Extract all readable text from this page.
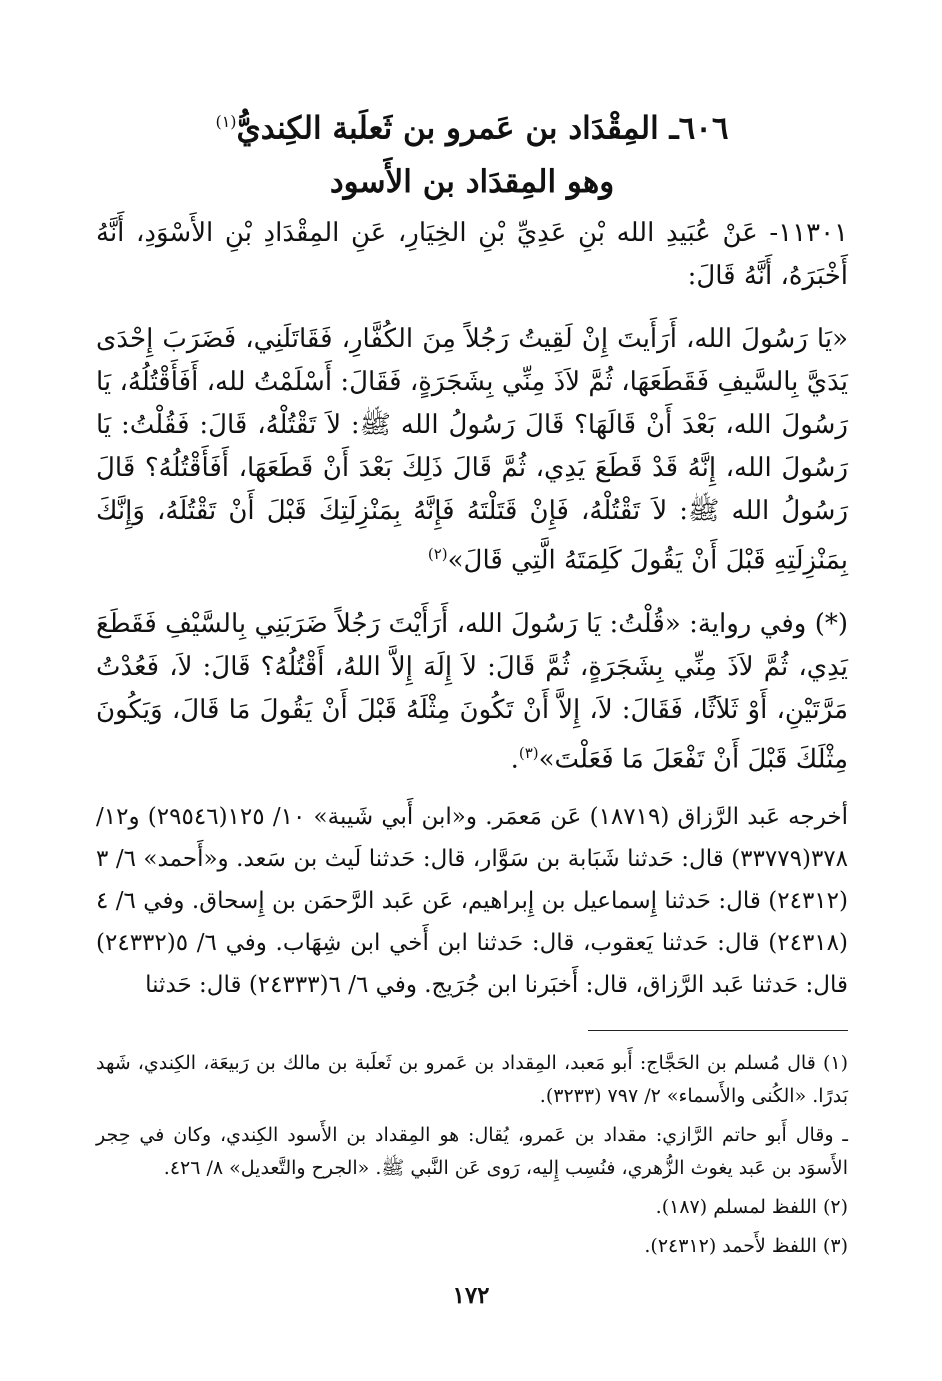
٦٠٦ـ المِقْدَاد بن عَمرو بن ثَعلَبة الكِنديُّ$^{(١)}$
وهو المِقدَاد بن الأَسود

١١٣٠١- عَنْ عُبَيدِ الله بْنِ عَدِيِّ بْنِ الخِيَارِ، عَنِ المِقْدَادِ بْنِ الأَسْوَدِ، أَنَّهُ أَخْبَرَهُ، أَنَّهُ قَالَ:

«يَا رَسُولَ الله، أَرَأَيتَ إِنْ لَقِيتُ رَجُلاً مِنَ الكُفَّارِ، فَقَاتَلَنِي، فَضَرَبَ إِحْدَى يَدَيَّ بِالسَّيفِ فَقَطَعَهَا، ثُمَّ لاَذَ مِنِّي بِشَجَرَةٍ، فَقَالَ: أَسْلَمْتُ لله، أَفَأَقْتُلُهُ، يَا رَسُولَ الله، بَعْدَ أَنْ قَالَهَا؟ قَالَ رَسُولُ الله ﷺ: لاَ تَقْتُلْهُ، قَالَ: فَقُلْتُ: يَا رَسُولَ الله، إِنَّهُ قَدْ قَطَعَ يَدِي، ثُمَّ قَالَ ذَلِكَ بَعْدَ أَنْ قَطَعَهَا، أَفَأَقْتُلُهُ؟ قَالَ رَسُولُ الله ﷺ: لاَ تَقْتُلْهُ، فَإِنْ قَتَلْتَهُ فَإِنَّهُ بِمَنْزِلَتِكَ قَبْلَ أَنْ تَقْتُلَهُ، وَإِنَّكَ بِمَنْزِلَتِهِ قَبْلَ أَنْ يَقُولَ كَلِمَتَهُ الَّتِي قَالَ»$^{(٢)}$

(*) وفي رواية: «قُلْتُ: يَا رَسُولَ الله، أَرَأَيْتَ رَجُلاً ضَرَبَنِي بِالسَّيْفِ فَقَطَعَ يَدِي، ثُمَّ لاَذَ مِنِّي بِشَجَرَةٍ، ثُمَّ قَالَ: لاَ إِلَهَ إِلاَّ اللهُ، أَقْتُلُهُ؟ قَالَ: لاَ، فَعُدْتُ مَرَّتَيْنِ، أَوْ ثَلاَثًا، فَقَالَ: لاَ، إِلاَّ أَنْ تَكُونَ مِثْلَهُ قَبْلَ أَنْ يَقُولَ مَا قَالَ، وَيَكُونَ مِثْلَكَ قَبْلَ أَنْ تَفْعَلَ مَا فَعَلْتَ»$^{(٣)}$.

أخرجه عَبد الرَّزاق (١٨٧١٩) عَن مَعمَر. و«ابن أَبي شَيبة» ١٠/ ١٢٥(٢٩٥٤٦) و١٢/ ٣٧٨(٣٣٧٧٩) قال: حَدثنا شَبَابة بن سَوَّار، قال: حَدثنا لَيث بن سَعد. و«أَحمد» ٦/ ٣ (٢٤٣١٢) قال: حَدثنا إِسماعيل بن إِبراهيم، عَن عَبد الرَّحمَن بن إِسحاق. وفي ٦/ ٤ (٢٤٣١٨) قال: حَدثنا يَعقوب، قال: حَدثنا ابن أَخي ابن شِهَاب. وفي ٦/ ٥(٢٤٣٣٢) قال: حَدثنا عَبد الرَّزاق، قال: أَخبَرنا ابن جُرَيج. وفي ٦/ ٦(٢٤٣٣٣) قال: حَدثنا

(١) قال مُسلم بن الحَجَّاج: أَبو مَعبد، المِقداد بن عَمرو بن ثَعلَبة بن مالك بن رَبيعَة، الكِندي، شَهد بَدرًا. «الكُنى والأَسماء» ٢/ ٧٩٧ (٣٢٣٣).

ـ وقال أَبو حاتم الرَّازي: مقداد بن عَمرو، يُقال: هو المِقداد بن الأَسود الكِندي، وكان في حِجر الأَسوَد بن عَبد يغوث الزُّهري، فنُسِب إِليه، رَوى عَن النَّبي ﷺ. «الجرح والتَّعديل» ٨/ ٤٢٦.

(٢) اللفظ لمسلم (١٨٧).

(٣) اللفظ لأَحمد (٢٤٣١٢).

١٧٢
